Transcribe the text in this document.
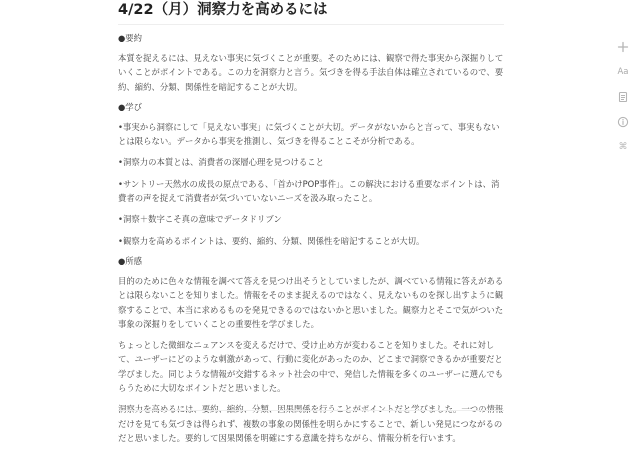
4/22（月）洞察力を高めるには

●要約

本質を捉えるには、見えない事実に気づくことが重要。そのためには、観察で得た事実から深掘りしていくことがポイントである。この力を洞察力と言う。気づきを得る手法自体は確立されているので、要約、縮約、分類、関係性を暗記することが大切。

●学び

•事実から洞察にして「見えない事実」に気づくことが大切。データがないからと言って、事実もないとは限らない。データから事実を推測し、気づきを得ることこそが分析である。

•洞察力の本質とは、消費者の深層心理を見つけること

•サントリー天然水の成長の原点である、「首かけPOP事件」。この解決における重要なポイントは、消費者の声を捉えて消費者が気づいていないニーズを汲み取ったこと。

•洞察＋数字こそ真の意味でデータドリブン

•観察力を高めるポイントは、要約、縮約、分類、関係性を暗記することが大切。

●所感

目的のために色々な情報を調べて答えを見つけ出そうとしていましたが、調べている情報に答えがあるとは限らないことを知りました。情報をそのまま捉えるのではなく、見えないものを探し出すように観察することで、本当に求めるものを発見できるのではないかと思いました。観察力とそこで気がついた事象の深掘りをしていくことの重要性を学びました。

ちょっとした微細なニュアンスを変えるだけで、受け止め方が変わることを知りました。それに対して、ユーザーにどのような刺激があって、行動に変化があったのか、どこまで洞察できるかが重要だと学びました。同じような情報が交錯するネット社会の中で、発信した情報を多くのユーザーに選んでもらうために大切なポイントだと思いました。

だけを見ても気づきは得られず、複数の事象の関係性を明らかにすることで、新しい発見につながるのだと思いました。要約して因果関係を明確にする意識を持ちながら、情報分析を行います。

Aa
⌘
